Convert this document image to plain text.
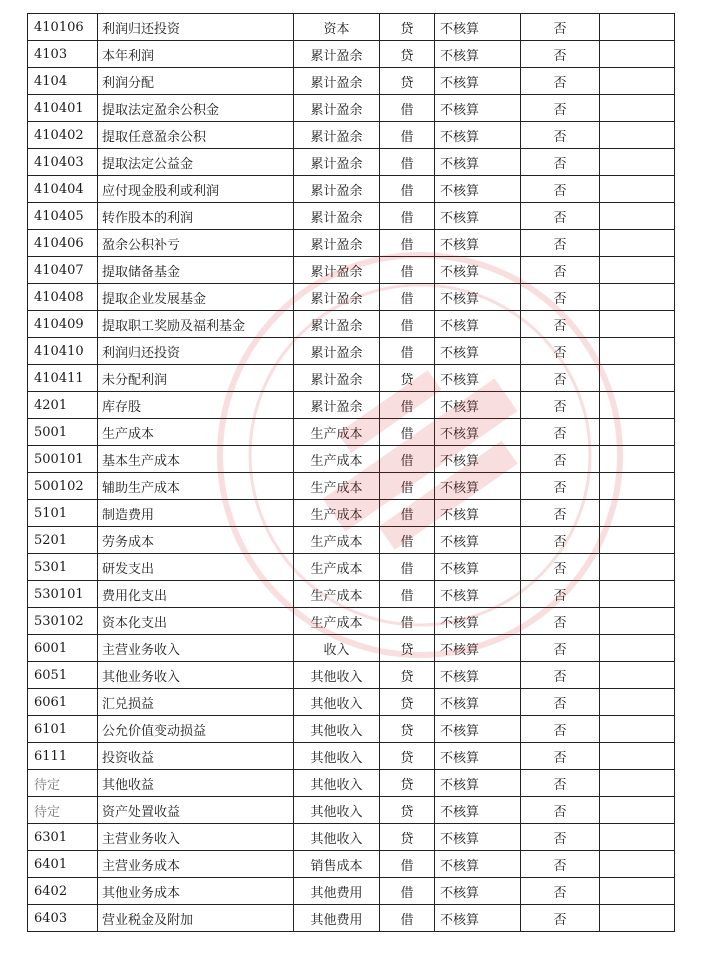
410106	利润归还投资	资本	贷	不核算	否	
4103	本年利润	累计盈余	贷	不核算	否	
4104	利润分配	累计盈余	贷	不核算	否	
410401	提取法定盈余公积金	累计盈余	借	不核算	否	
410402	提取任意盈余公积	累计盈余	借	不核算	否	
410403	提取法定公益金	累计盈余	借	不核算	否	
410404	应付现金股利或利润	累计盈余	借	不核算	否	
410405	转作股本的利润	累计盈余	借	不核算	否	
410406	盈余公积补亏	累计盈余	借	不核算	否	
410407	提取储备基金	累计盈余	借	不核算	否	
410408	提取企业发展基金	累计盈余	借	不核算	否	
410409	提取职工奖励及福利基金	累计盈余	借	不核算	否	
410410	利润归还投资	累计盈余	借	不核算	否	
410411	未分配利润	累计盈余	贷	不核算	否	
4201	库存股	累计盈余	借	不核算	否	
5001	生产成本	生产成本	借	不核算	否	
500101	基本生产成本	生产成本	借	不核算	否	
500102	辅助生产成本	生产成本	借	不核算	否	
5101	制造费用	生产成本	借	不核算	否	
5201	劳务成本	生产成本	借	不核算	否	
5301	研发支出	生产成本	借	不核算	否	
530101	费用化支出	生产成本	借	不核算	否	
530102	资本化支出	生产成本	借	不核算	否	
6001	主营业务收入	收入	贷	不核算	否	
6051	其他业务收入	其他收入	贷	不核算	否	
6061	汇兑损益	其他收入	贷	不核算	否	
6101	公允价值变动损益	其他收入	贷	不核算	否	
6111	投资收益	其他收入	贷	不核算	否	
待定	其他收益	其他收入	贷	不核算	否	
待定	资产处置收益	其他收入	贷	不核算	否	
6301	主营业务收入	其他收入	贷	不核算	否	
6401	主营业务成本	销售成本	借	不核算	否	
6402	其他业务成本	其他费用	借	不核算	否	
6403	营业税金及附加	其他费用	借	不核算	否	
